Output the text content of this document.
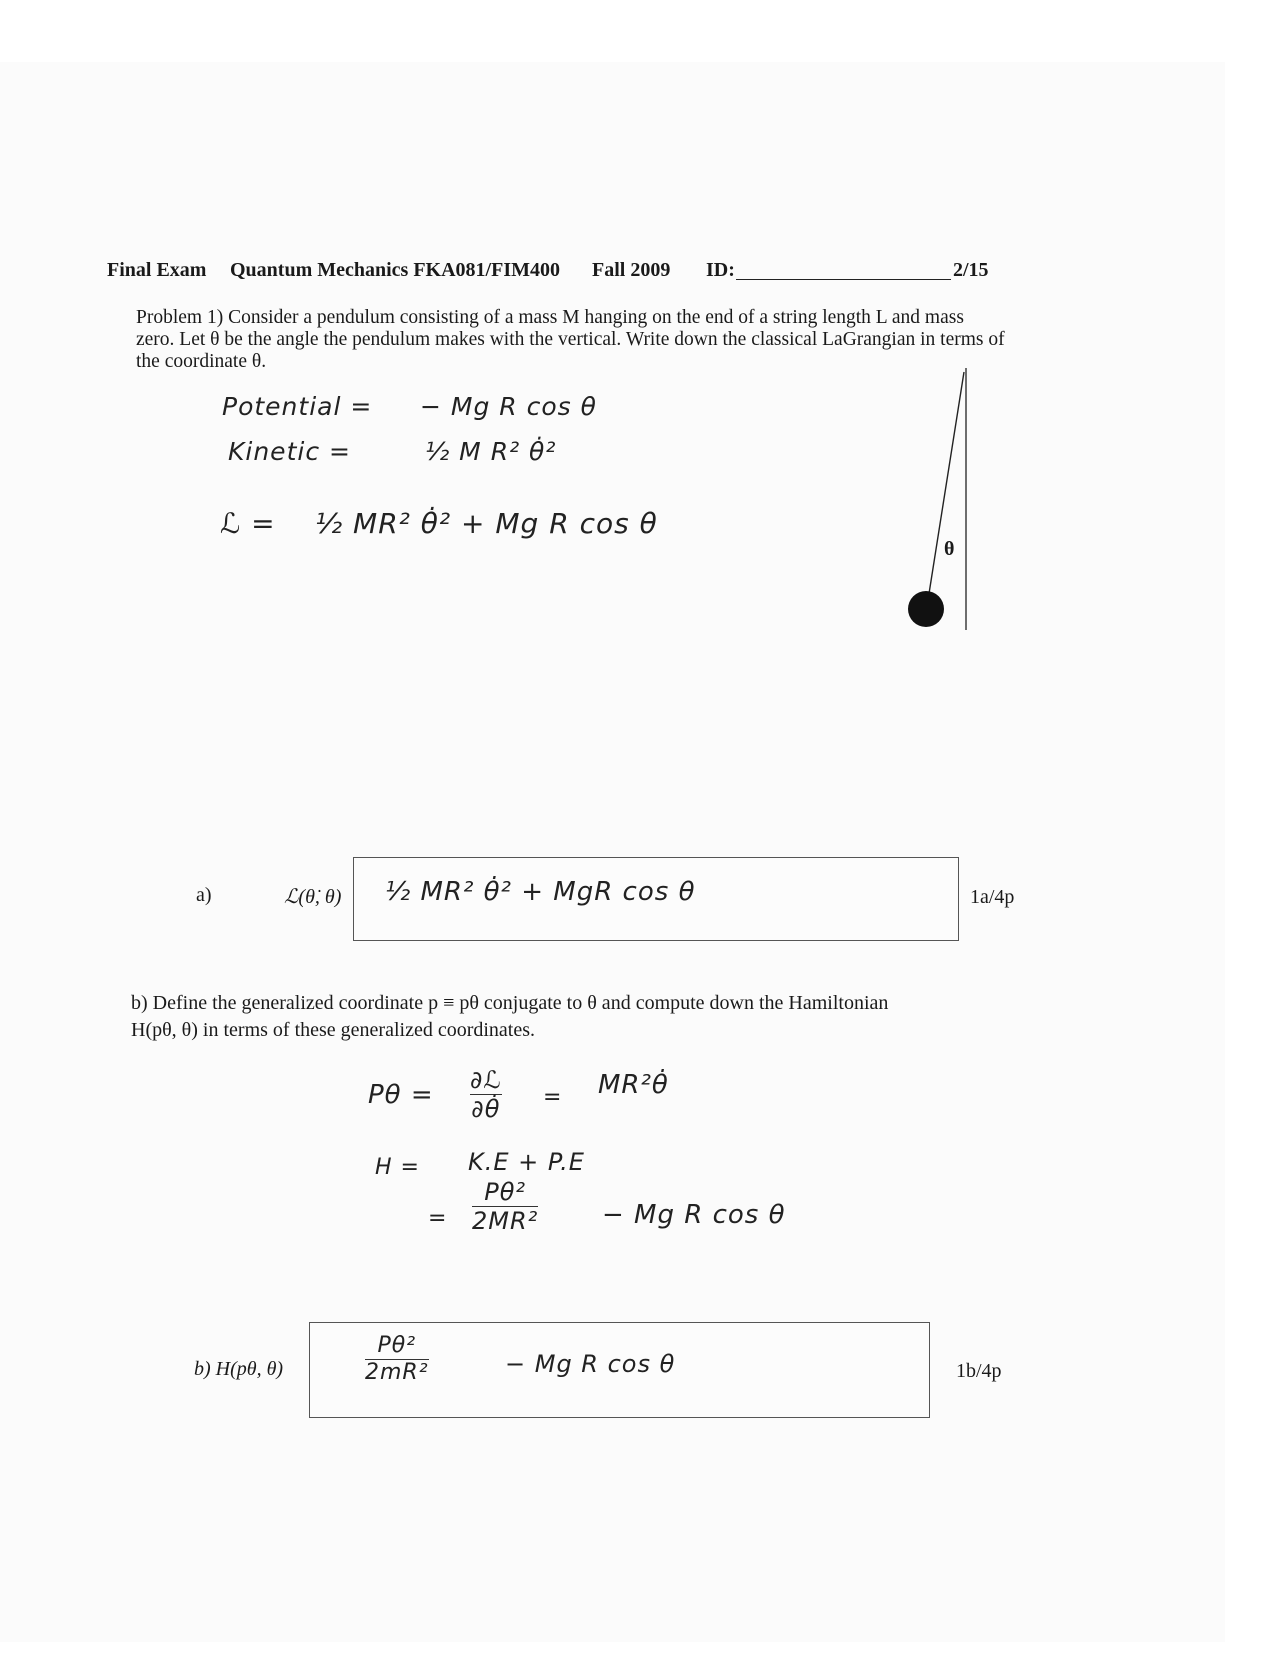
Final Exam Quantum Mechanics FKA081/FIM400 Fall 2009 ID:	2/15
Problem 1) Consider a pendulum consisting of a mass M hanging on the end of a string length L and mass zero. Let θ be the angle the pendulum makes with the vertical. Write down the classical LaGrangian in terms of the coordinate θ.
θ
Potential = − Mg R cos θ
Kinetic =	½ M R² θ̇²
ℒ = ½ MR² θ̇² + Mg R cos θ
a)	ℒ(θ̇, θ) ½ MR² θ̇² + MgR cos θ	1a/4p
b) Define the generalized coordinate p ≡ pθ conjugate to θ and compute down the Hamiltonian
H(pθ, θ) in terms of these generalized coordinates.
$P\theta = \frac{\text{∂ℒ}}{\partial\thetȧ}$ = MR²θ̇
H = K.E + P.E
= $\frac{\text{Pθ²}}{\text{2MR²}} - Mg$ R cos θ
b) H(pθ, θ)	$\frac{\text{Pθ²}}{\text{2mR²}}$	− Mg R cos θ	1b/4p
